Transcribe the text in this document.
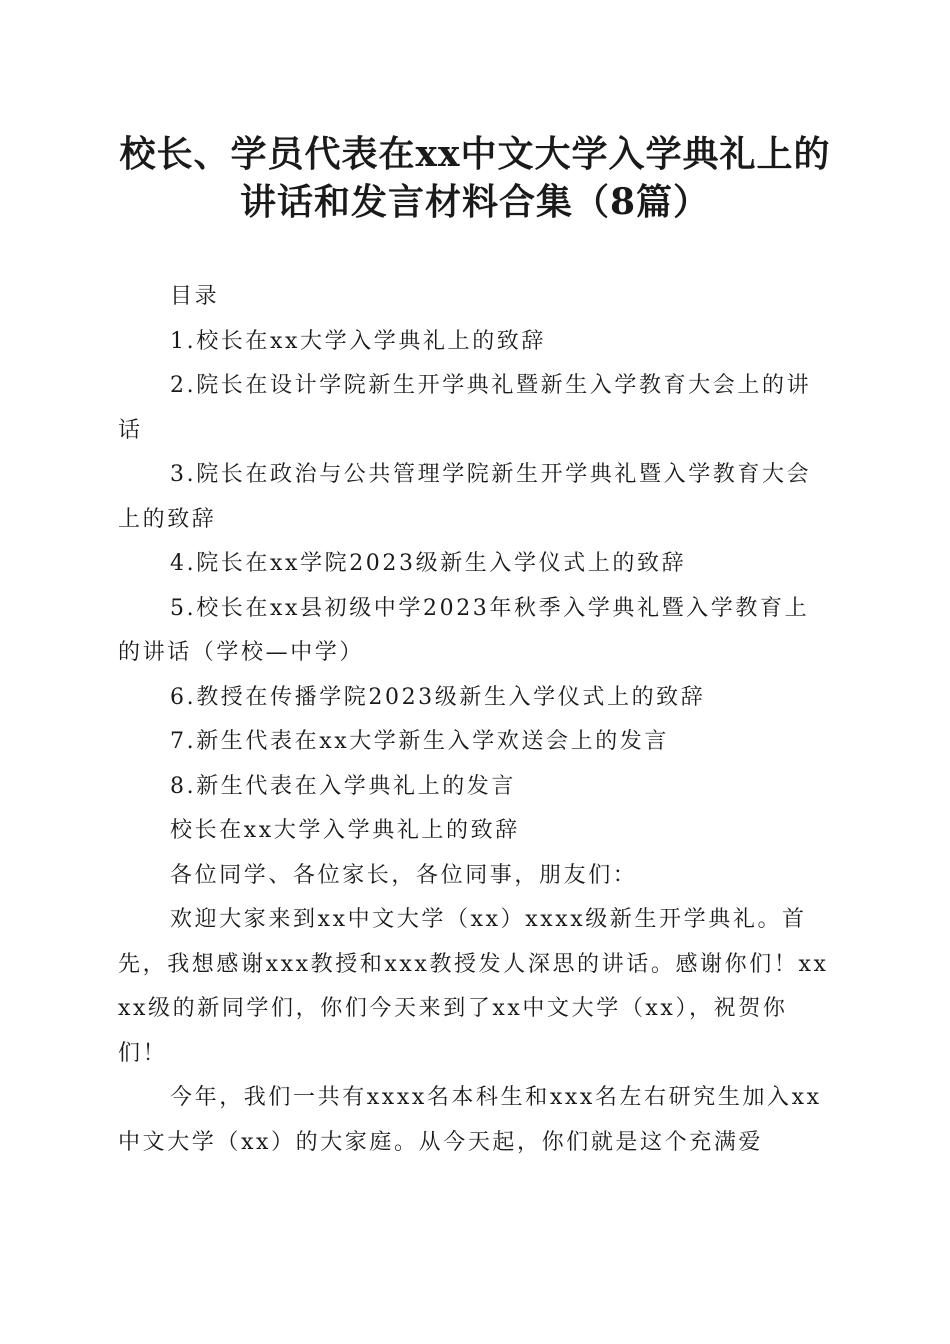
校长、学员代表在xx中文大学入学典礼上的
讲话和发言材料合集（8篇）

目录

1.校长在xx大学入学典礼上的致辞

2.院长在设计学院新生开学典礼暨新生入学教育大会上的讲话

3.院长在政治与公共管理学院新生开学典礼暨入学教育大会上的致辞

4.院长在xx学院2023级新生入学仪式上的致辞

5.校长在xx县初级中学2023年秋季入学典礼暨入学教育上的讲话（学校—中学）

6.教授在传播学院2023级新生入学仪式上的致辞

7.新生代表在xx大学新生入学欢送会上的发言

8.新生代表在入学典礼上的发言

校长在xx大学入学典礼上的致辞

各位同学、各位家长，各位同事，朋友们：

欢迎大家来到xx中文大学（xx）xxxx级新生开学典礼。首先，我想感谢xxx教授和xxx教授发人深思的讲话。感谢你们！xxxx级的新同学们，你们今天来到了xx中文大学（xx），祝贺你们！

今年，我们一共有xxxx名本科生和xxx名左右研究生加入xx中文大学（xx）的大家庭。从今天起，你们就是这个充满爱
